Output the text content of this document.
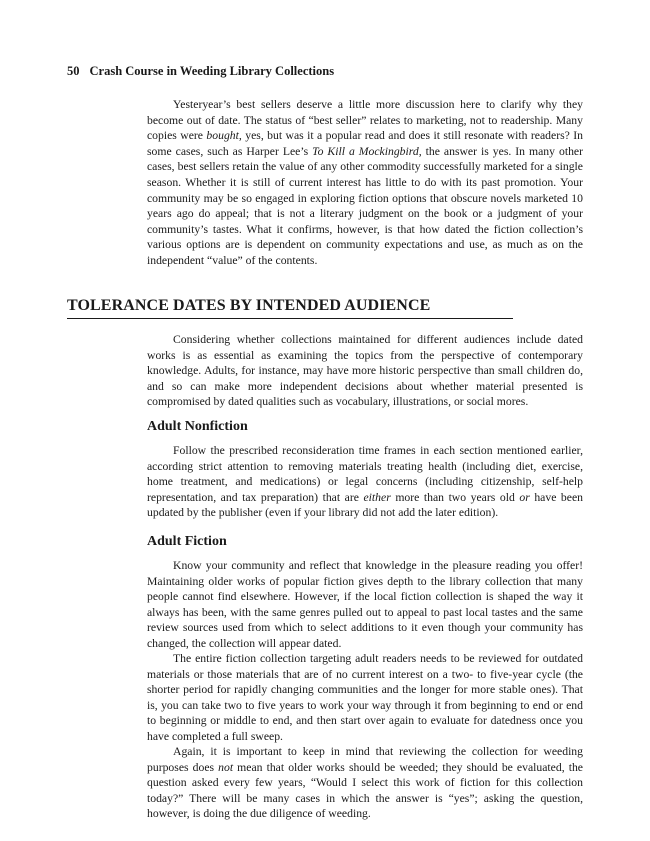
50 Crash Course in Weeding Library Collections

Yesteryear’s best sellers deserve a little more discussion here to clarify why they become out of date. The status of “best seller” relates to marketing, not to readership. Many copies were bought, yes, but was it a popular read and does it still resonate with readers? In some cases, such as Harper Lee’s To Kill a Mockingbird, the answer is yes. In many other cases, best sellers retain the value of any other commodity successfully marketed for a single season. Whether it is still of current interest has little to do with its past promotion. Your community may be so engaged in exploring fiction options that obscure novels marketed 10 years ago do appeal; that is not a literary judgment on the book or a judgment of your community’s tastes. What it confirms, however, is that how dated the fiction collection’s various options are is dependent on community expectations and use, as much as on the independent “value” of the contents.

TOLERANCE DATES BY INTENDED AUDIENCE

Considering whether collections maintained for different audiences include dated works is as essential as examining the topics from the perspective of contemporary knowledge. Adults, for instance, may have more historic perspective than small children do, and so can make more independent decisions about whether material presented is compromised by dated qualities such as vocabulary, illustrations, or social mores.

Adult Nonfiction

Follow the prescribed reconsideration time frames in each section mentioned earlier, according strict attention to removing materials treating health (including diet, exercise, home treatment, and medications) or legal concerns (including citizenship, self-help representation, and tax preparation) that are either more than two years old or have been updated by the publisher (even if your library did not add the later edition).

Adult Fiction

Know your community and reflect that knowledge in the pleasure reading you offer! Maintaining older works of popular fiction gives depth to the library collection that many people cannot find elsewhere. However, if the local fiction collection is shaped the way it always has been, with the same genres pulled out to appeal to past local tastes and the same review sources used from which to select additions to it even though your community has changed, the collection will appear dated.

The entire fiction collection targeting adult readers needs to be reviewed for outdated materials or those materials that are of no current interest on a two- to five-year cycle (the shorter period for rapidly changing communities and the longer for more stable ones). That is, you can take two to five years to work your way through it from beginning to end or end to beginning or middle to end, and then start over again to evaluate for datedness once you have completed a full sweep.

Again, it is important to keep in mind that reviewing the collection for weeding purposes does not mean that older works should be weeded; they should be evaluated, the question asked every few years, “Would I select this work of fiction for this collection today?” There will be many cases in which the answer is “yes”; asking the question, however, is doing the due diligence of weeding.
